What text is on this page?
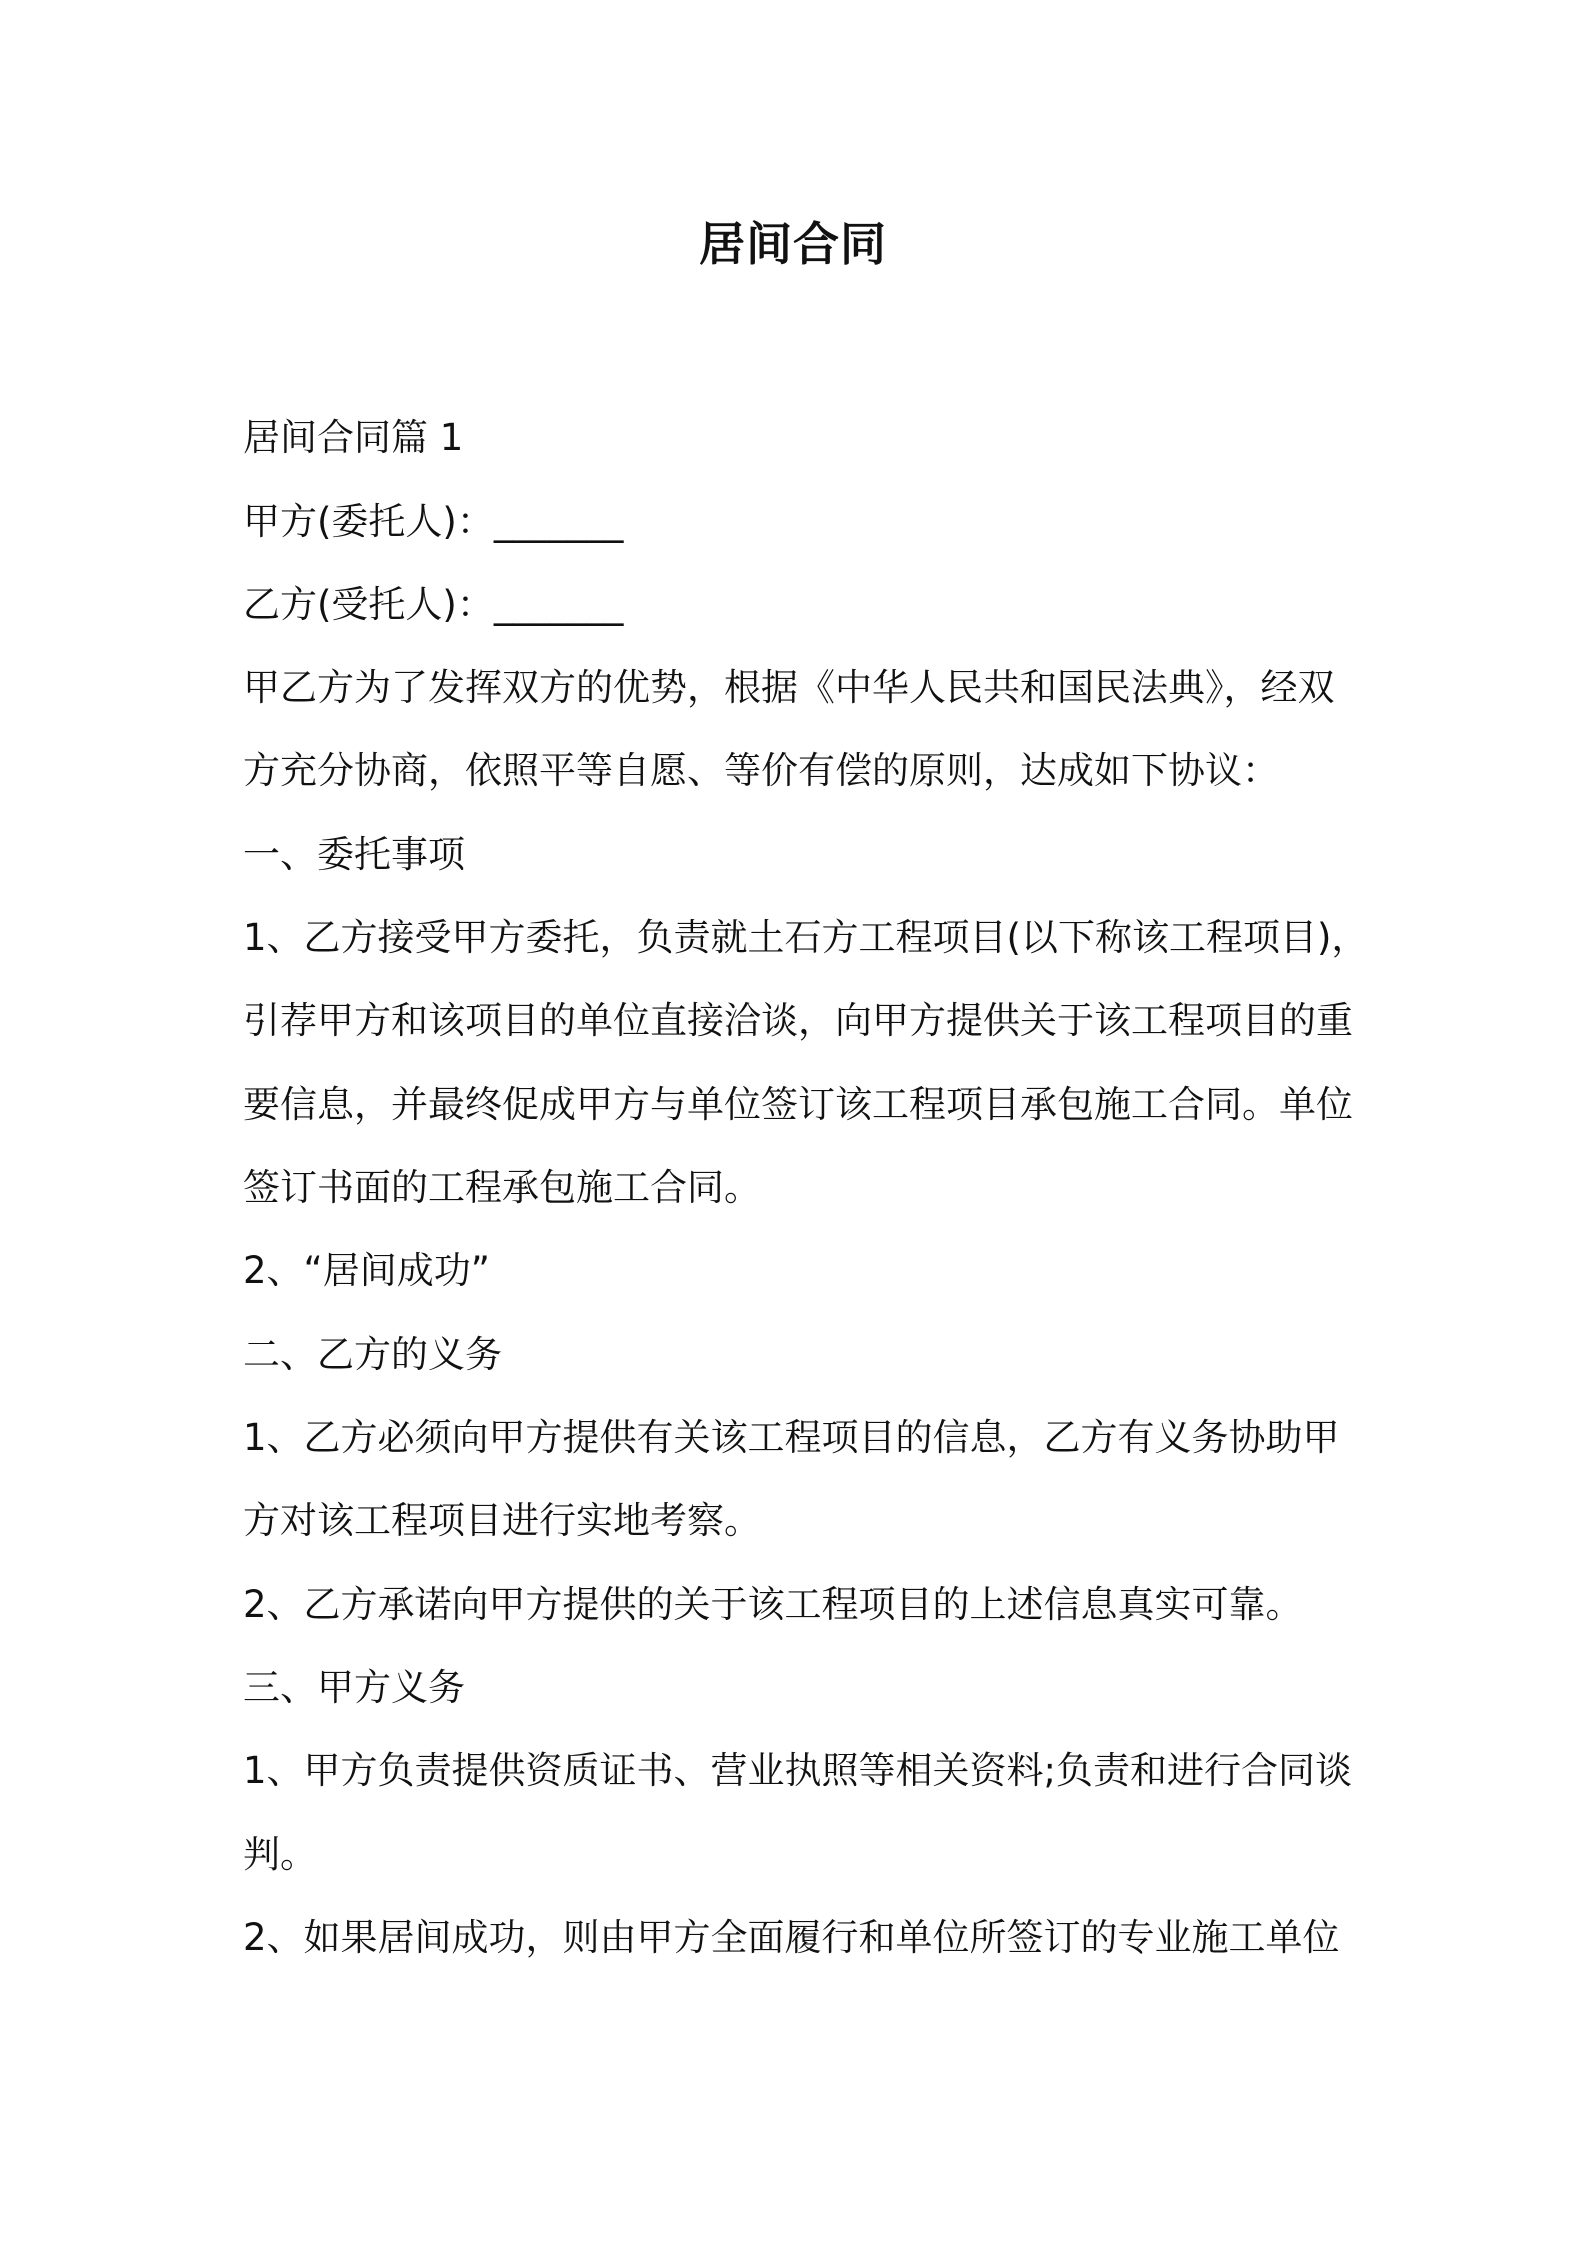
居间合同
居间合同篇 1
甲方(委托人)：_______
乙方(受托人)：_______
甲乙方为了发挥双方的优势，根据《中华人民共和国民法典》，经双
方充分协商，依照平等自愿、等价有偿的原则，达成如下协议：
一、委托事项
1、乙方接受甲方委托，负责就土石方工程项目(以下称该工程项目)，
引荐甲方和该项目的单位直接洽谈，向甲方提供关于该工程项目的重
要信息，并最终促成甲方与单位签订该工程项目承包施工合同。单位
签订书面的工程承包施工合同。
2、“居间成功”
二、乙方的义务
1、乙方必须向甲方提供有关该工程项目的信息，乙方有义务协助甲
方对该工程项目进行实地考察。
2、乙方承诺向甲方提供的关于该工程项目的上述信息真实可靠。
三、甲方义务
1、甲方负责提供资质证书、营业执照等相关资料;负责和进行合同谈
判。
2、如果居间成功，则由甲方全面履行和单位所签订的专业施工单位
